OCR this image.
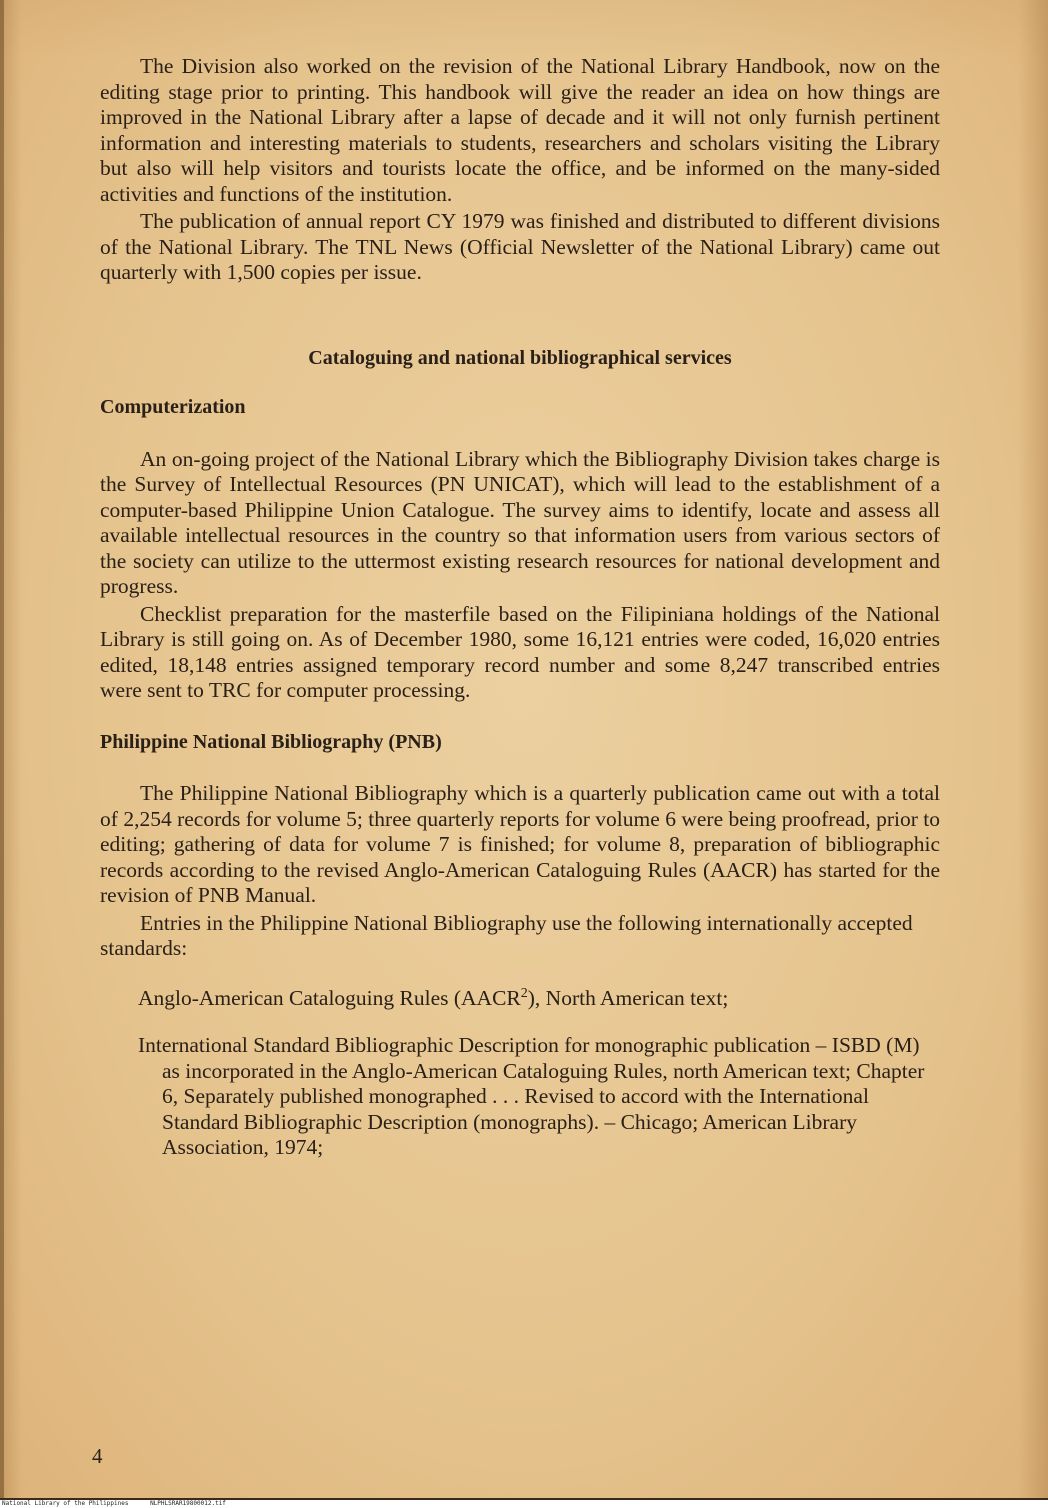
The Division also worked on the revision of the National Library Handbook, now on the editing stage prior to printing. This handbook will give the reader an idea on how things are improved in the National Library after a lapse of decade and it will not only furnish pertinent information and interesting materials to students, researchers and scholars visiting the Library but also will help visitors and tourists locate the office, and be informed on the many-sided activities and functions of the institution.

The publication of annual report CY 1979 was finished and distributed to different divisions of the National Library. The TNL News (Official Newsletter of the National Library) came out quarterly with 1,500 copies per issue.

Cataloguing and national bibliographical services
Computerization

An on-going project of the National Library which the Bibliography Division takes charge is the Survey of Intellectual Resources (PN UNICAT), which will lead to the establishment of a computer-based Philippine Union Catalogue. The survey aims to identify, locate and assess all available intellectual resources in the country so that information users from various sectors of the society can utilize to the uttermost existing research resources for national development and progress.

Checklist preparation for the masterfile based on the Filipiniana holdings of the National Library is still going on. As of December 1980, some 16,121 entries were coded, 16,020 entries edited, 18,148 entries assigned temporary record number and some 8,247 transcribed entries were sent to TRC for computer processing.

Philippine National Bibliography (PNB)

The Philippine National Bibliography which is a quarterly publication came out with a total of 2,254 records for volume 5; three quarterly reports for volume 6 were being proofread, prior to editing; gathering of data for volume 7 is finished; for volume 8, preparation of bibliographic records according to the revised Anglo-American Cataloguing Rules (AACR) has started for the revision of PNB Manual.

Entries in the Philippine National Bibliography use the following internationally accepted standards:

Anglo-American Cataloguing Rules (AACR$^2$), North American text;

International Standard Bibliographic Description for monographic publication – ISBD (M) as incorporated in the Anglo-American Cataloguing Rules, north American text; Chapter 6, Separately published monographed . . . Revised to accord with the International Standard Bibliographic Description (monographs). – Chicago; American Library Association, 1974;

4
National Library of the Philippines	NLPHLSRAR19800012.tif
